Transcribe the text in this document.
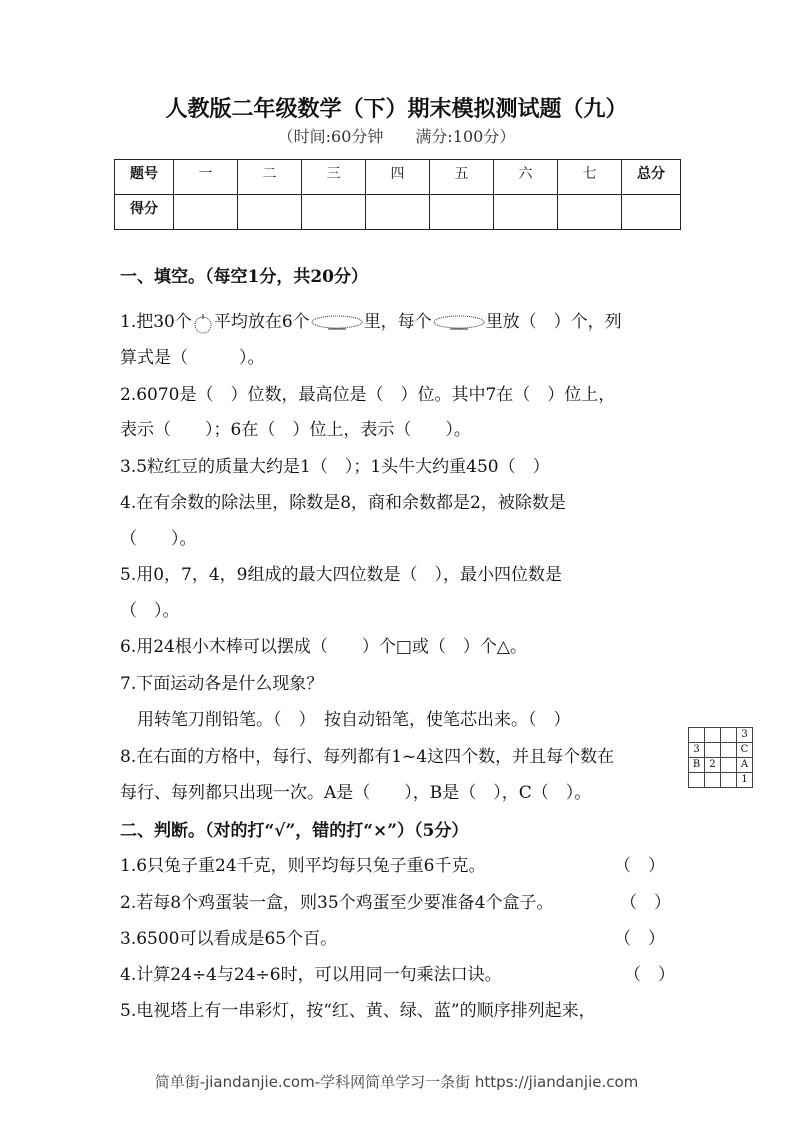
人教版二年级数学（下）期末模拟测试题（九）
（时间:60分钟　　满分:100分）
题号	一	二	三	四	五	六	七	总分
得分								
一、填空。（每空1分，共20分）
1.把30个 平均放在6个	里，每个	里放（　）个，列
算式是（　　　）。
			3
3			C
B	2		A
			1
二、判断。（对的打“√”，错的打“×”）（5分）
简单街-jiandanjie.com-学科网简单学习一条街 https://jiandanjie.com
2.6070是（　）位数，最高位是（　）位。其中7在（　）位上，
表示（　　）；6在（　）位上，表示（　　）。
3.5粒红豆的质量大约是1（　）；1头牛大约重450（　）
4.在有余数的除法里，除数是8，商和余数都是2，被除数是
（　　）。
5.用0，7，4，9组成的最大四位数是（　），最小四位数是
（　）。
6.用24根小木棒可以摆成（　　）个□或（　）个△。
7.下面运动各是什么现象？
　用转笔刀削铅笔。（　）　按自动铅笔，使笔芯出来。（　）
8.在右面的方格中，每行、每列都有1~4这四个数，并且每个数在
每行、每列都只出现一次。A是（　　），B是（　），C（　）。
1.6只兔子重24千克，则平均每只兔子重6千克。	（　）
2.若每8个鸡蛋装一盒，则35个鸡蛋至少要准备4个盒子。	（　）
3.6500可以看成是65个百。	（　）
4.计算24÷4与24÷6时，可以用同一句乘法口诀。	（　）
5.电视塔上有一串彩灯，按“红、黄、绿、蓝”的顺序排列起来，
